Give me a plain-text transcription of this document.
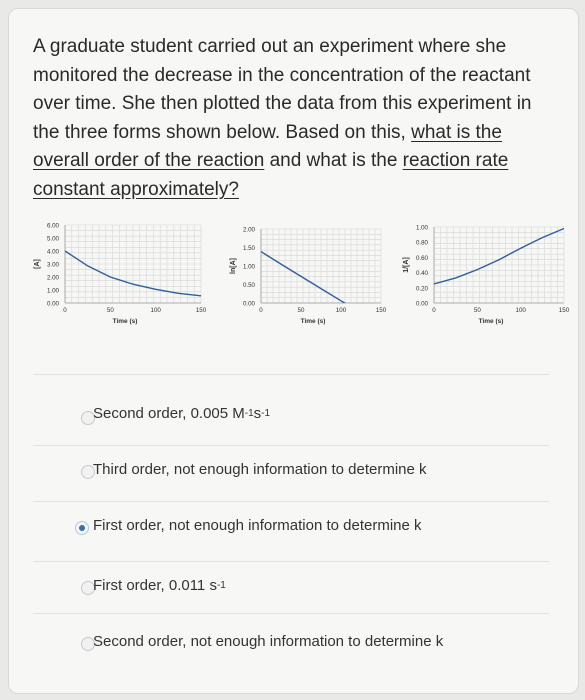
A graduate student carried out an experiment where she
monitored the decrease in the concentration of the reactant
over time. She then plotted the data from this experiment in
the three forms shown below. Based on this, what is the
overall order of the reaction and what is the reaction rate
constant approximately?
6.00
5.00
4.00
3.00
2.00
1.00
0.00
0	50	100	150
Time (s)
[A]
2.00
1.50
1.00
0.50
0.00
0	50	100	150
Time (s)
ln[A]
1.00
0.80
0.60
0.40
0.20
0.00
0	50	100	150
Time (s)
1/[A]
Second order, 0.005 M -1 s -1
Third order, not enough information to determine k
First order, not enough information to determine k
First order, 0.011 s -1
Second order, not enough information to determine k
